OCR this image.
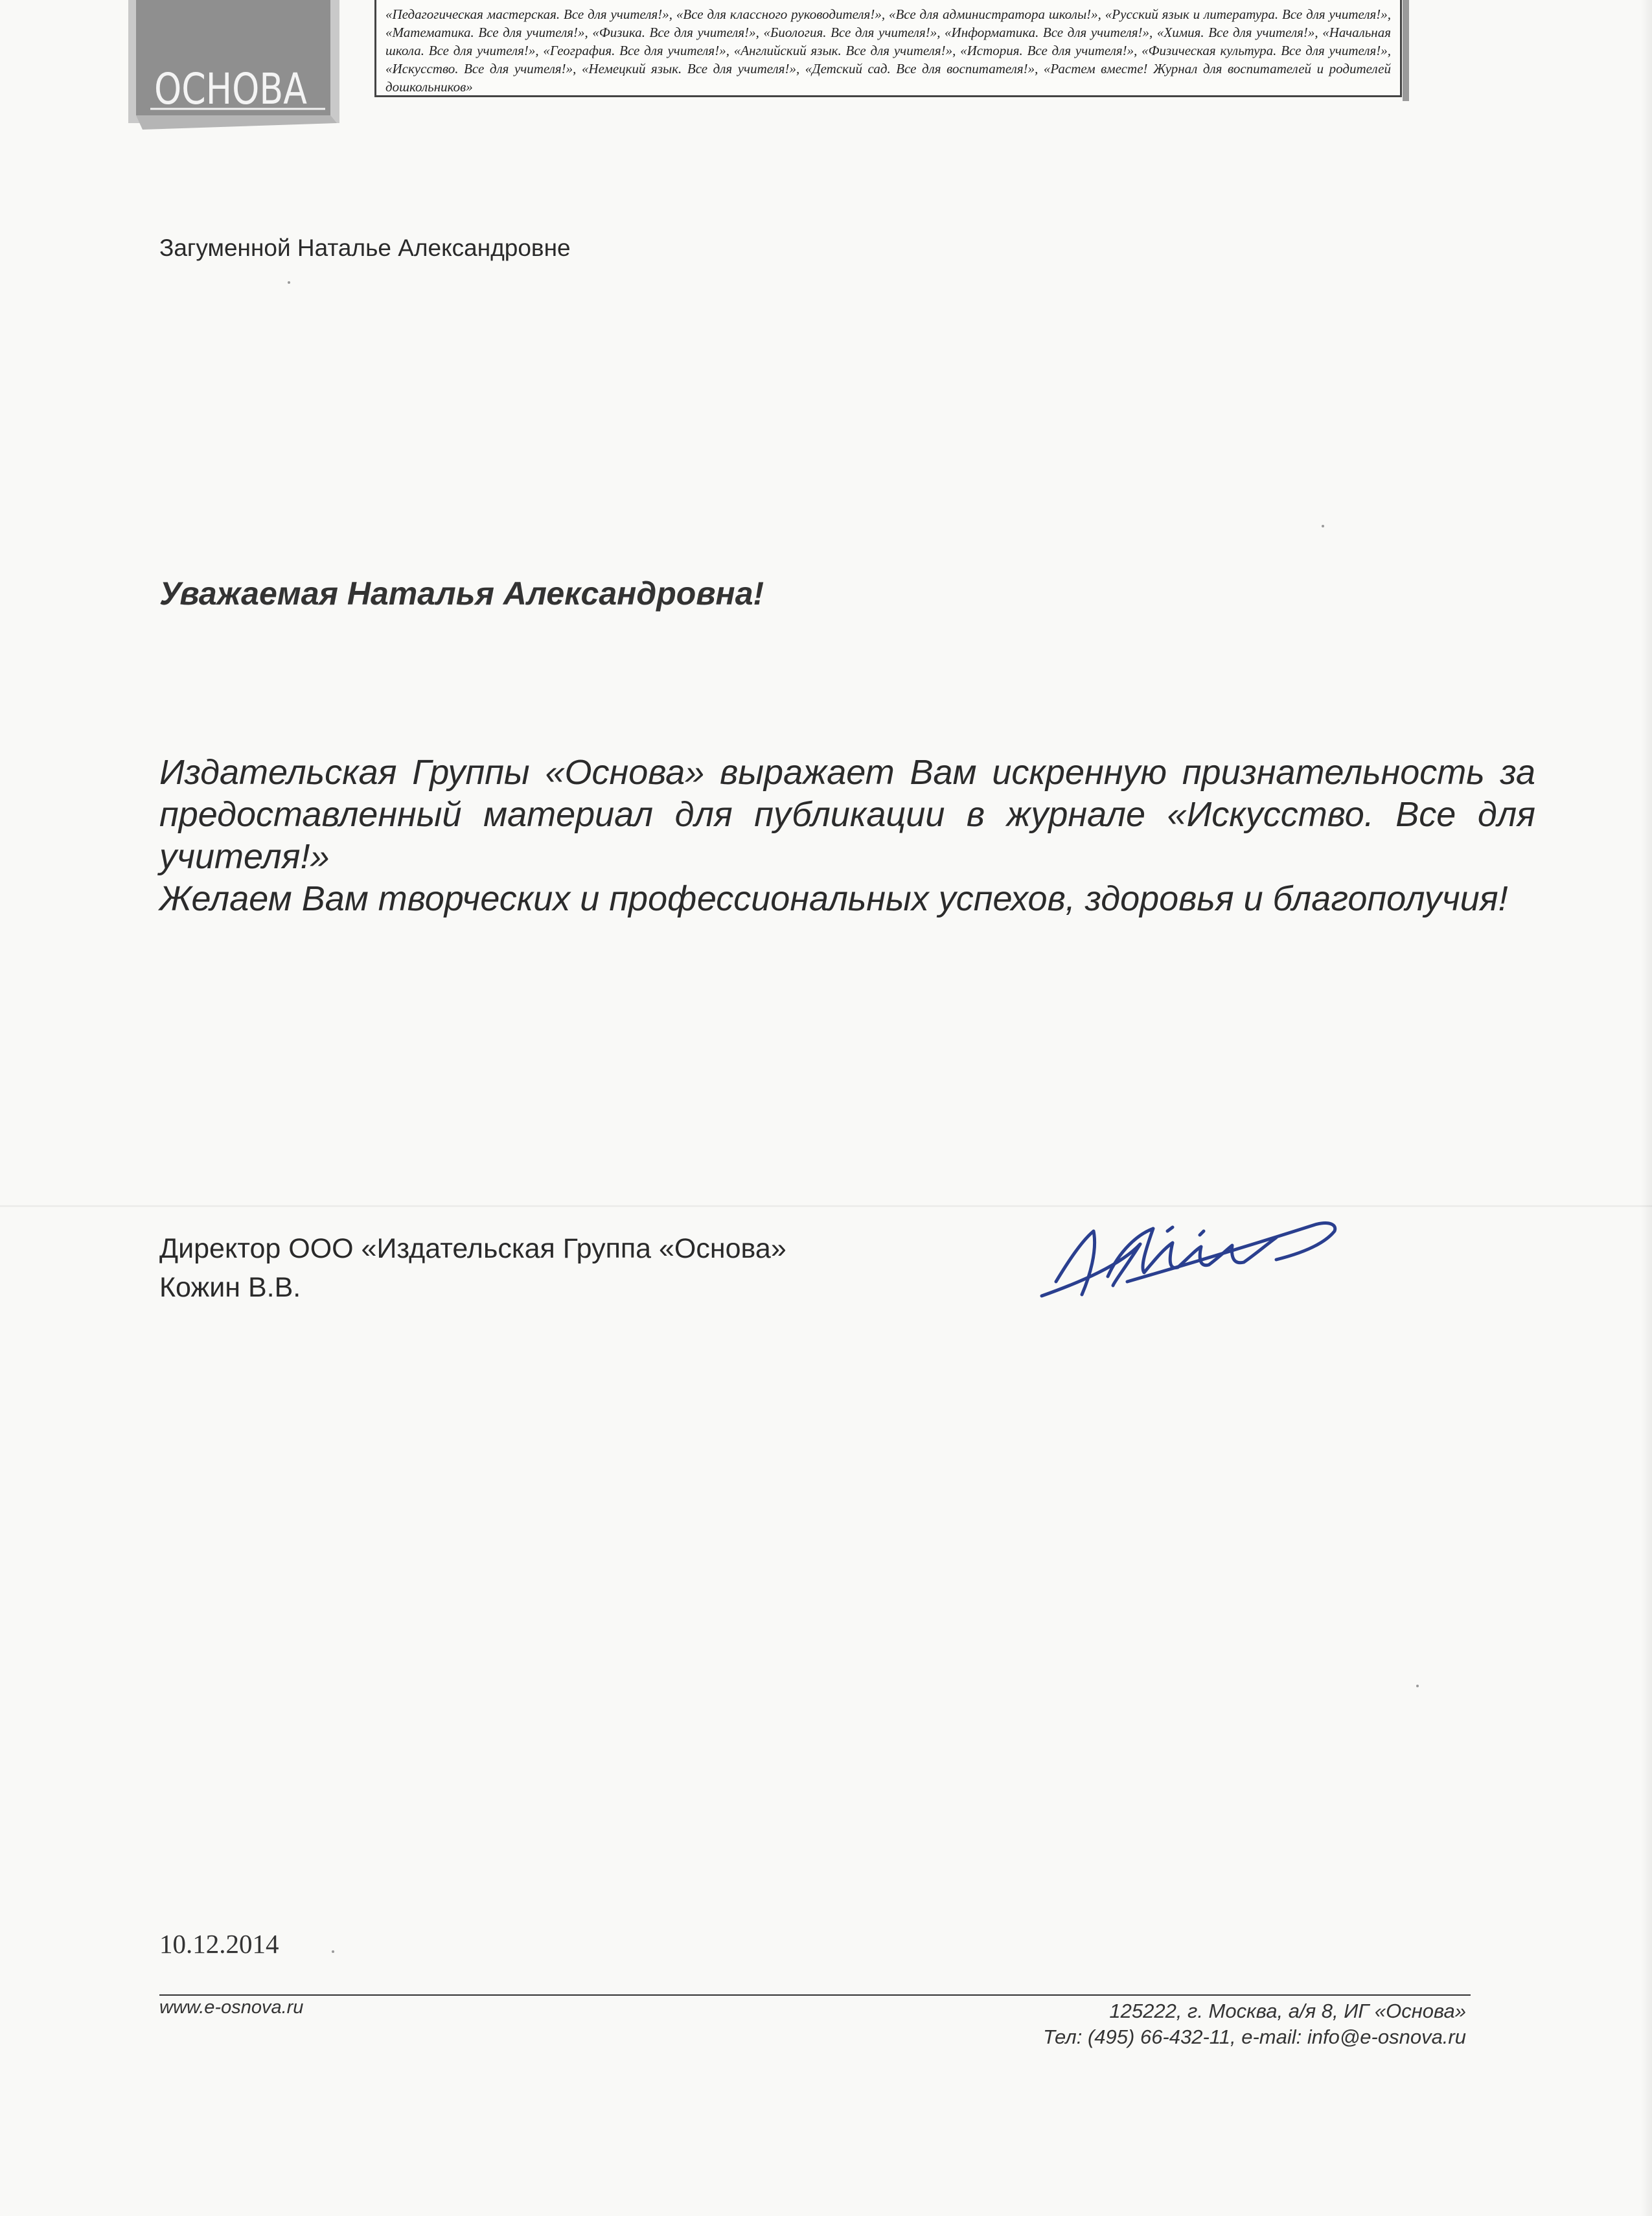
ОСНОВА

«Педагогическая мастерская. Все для учителя!», «Все для классного руководителя!», «Все для администратора школы!», «Русский язык и литература. Все для учителя!», «Математика. Все для учителя!», «Физика. Все для учителя!», «Биология. Все для учителя!», «Информатика. Все для учителя!», «Химия. Все для учителя!», «Начальная школа. Все для учителя!», «География. Все для учителя!», «Английский язык. Все для учителя!», «История. Все для учителя!», «Физическая культура. Все для учителя!», «Искусство. Все для учителя!», «Немецкий язык. Все для учителя!», «Детский сад. Все для воспитателя!», «Растем вместе! Журнал для воспитателей и родителей дошкольников»

Загуменной Наталье Александровне
Уважаемая Наталья Александровна!

Издательская Группы «Основа» выражает Вам искренную признательность за предоставленный материал для публикации в журнале «Искусство. Все для учителя!»

Желаем Вам творческих и профессиональных успехов, здоровья и благополучия!

Директор ООО «Издательская Группа «Основа»
Кожин В.В.
10.12.2014
www.e-osnova.ru	125222, г. Москва, а/я 8, ИГ «Основа»
Тел: (495) 66-432-11, e-mail: info@e-osnova.ru
